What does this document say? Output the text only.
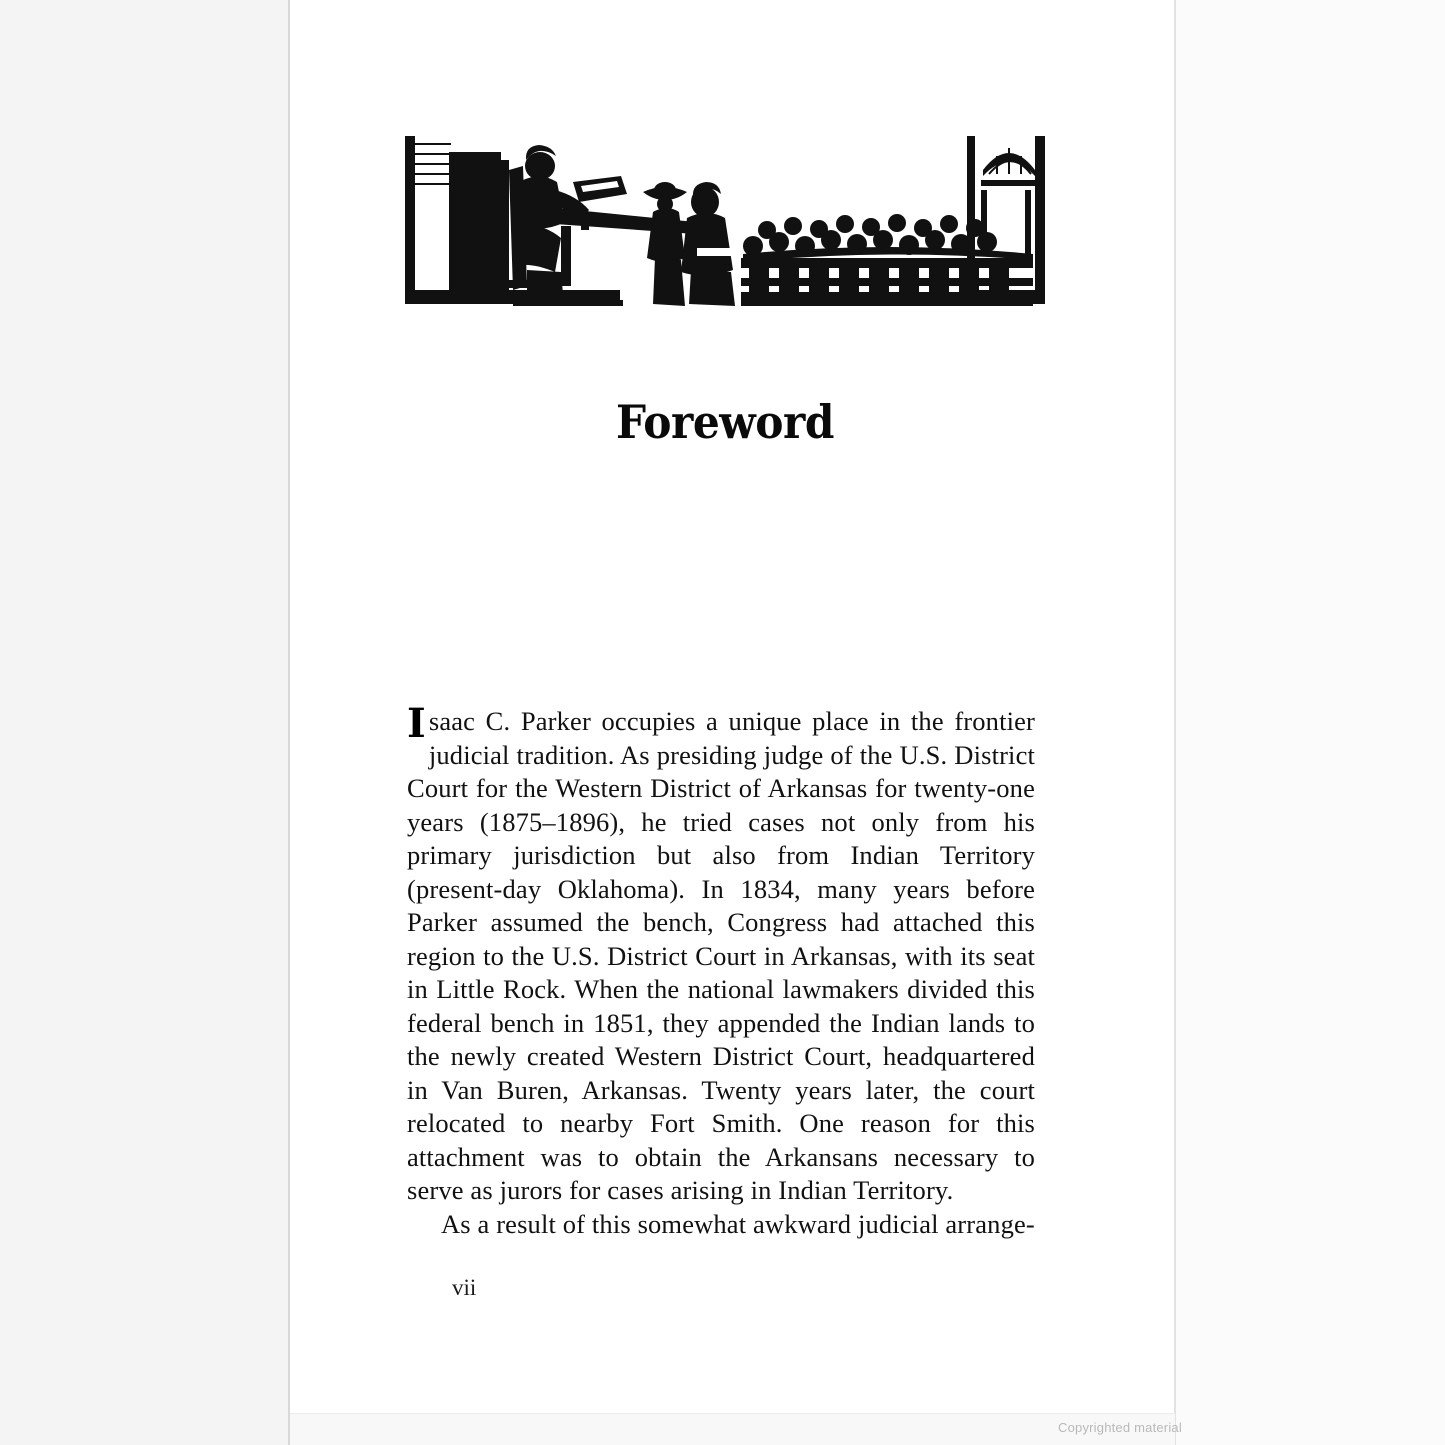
Foreword

Isaac C. Parker occupies a unique place in the frontier judicial tradition. As presiding judge of the U.S. District Court for the Western District of Arkansas for twenty-one years (1875–1896), he tried cases not only from his primary jurisdiction but also from Indian Territory (present-day Oklahoma). In 1834, many years before Parker assumed the bench, Congress had attached this region to the U.S. District Court in Arkansas, with its seat in Little Rock. When the national lawmakers divided this federal bench in 1851, they appended the Indian lands to the newly created Western District Court, headquartered in Van Buren, Arkansas. Twenty years later, the court relocated to nearby Fort Smith. One reason for this attachment was to obtain the Arkansans necessary to serve as jurors for cases arising in Indian Territory.

As a result of this somewhat awkward judicial arrange-

vii
Copyrighted material
